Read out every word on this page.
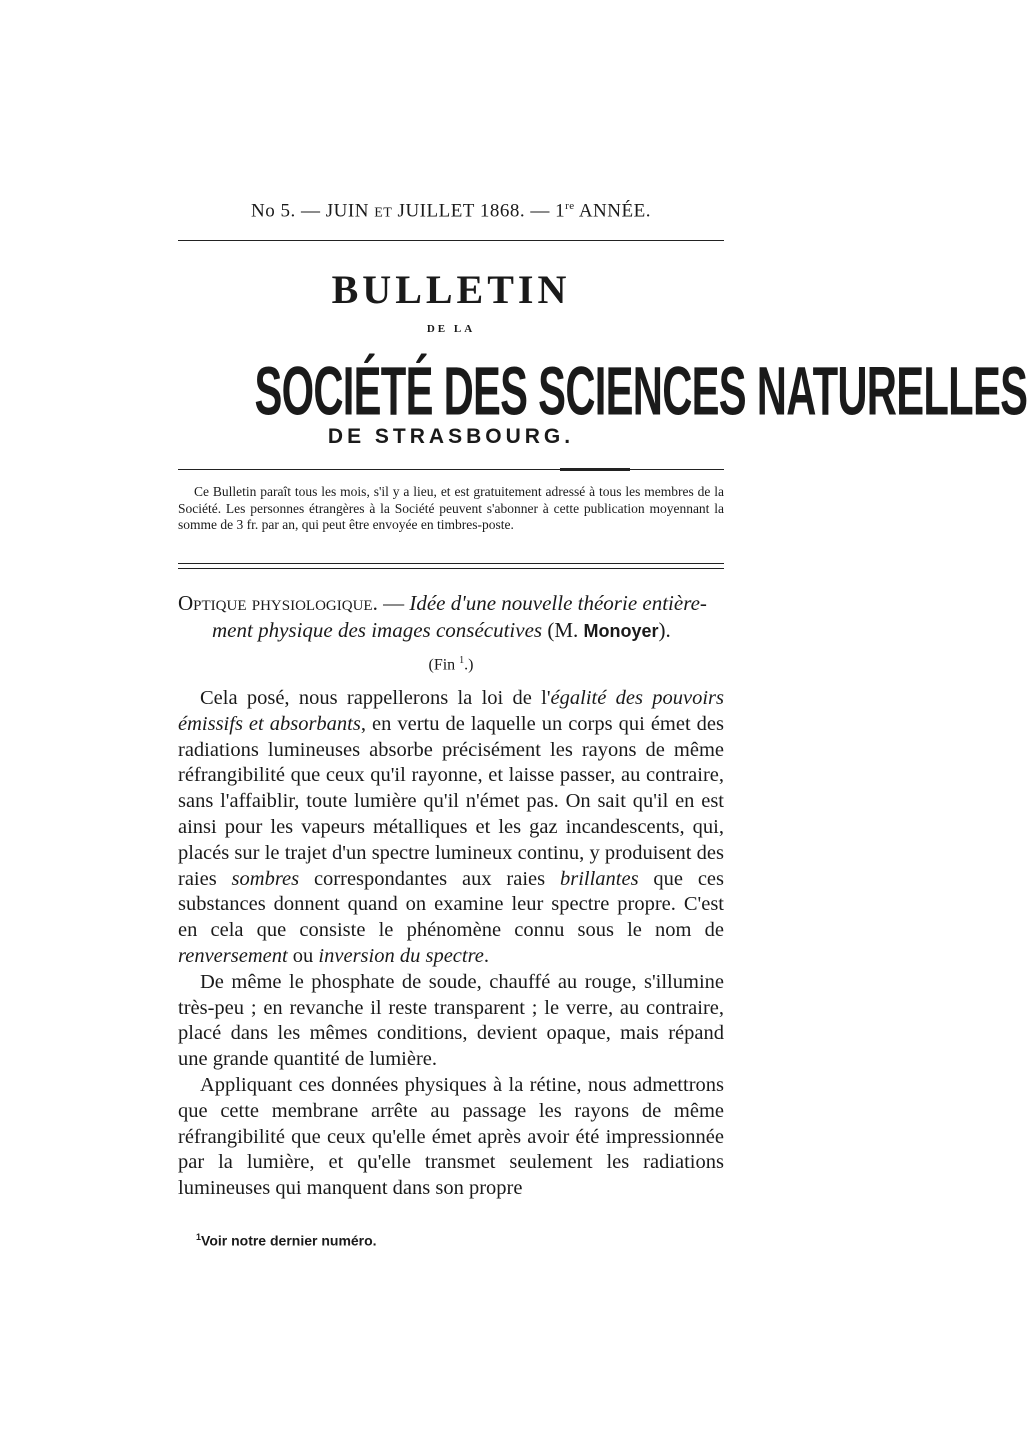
No 5. — JUIN ET JUILLET 1868. — 1re ANNÉE.
BULLETIN
DE LA
SOCIÉTÉ DES SCIENCES NATURELLES
DE STRASBOURG.
Ce Bulletin paraît tous les mois, s'il y a lieu, et est gratuitement adressé à tous les membres de la Société. Les personnes étrangères à la Société peuvent s'abonner à cette publication moyennant la somme de 3 fr. par an, qui peut être envoyée en timbres-poste.
Optique physiologique. — Idée d'une nouvelle théorie entière-
ment physique des images consécutives (M. Monoyer).
(Fin $^1$.)

Cela posé, nous rappellerons la loi de l'égalité des pouvoirs émissifs et absorbants, en vertu de laquelle un corps qui émet des radiations lumineuses absorbe précisément les rayons de même réfrangibilité que ceux qu'il rayonne, et laisse passer, au contraire, sans l'affaiblir, toute lumière qu'il n'émet pas. On sait qu'il en est ainsi pour les vapeurs métalliques et les gaz incandescents, qui, placés sur le trajet d'un spectre lumineux continu, y produisent des raies sombres correspondantes aux raies brillantes que ces substances donnent quand on examine leur spectre propre. C'est en cela que consiste le phénomène connu sous le nom de renversement ou inversion du spectre.

De même le phosphate de soude, chauffé au rouge, s'illumine très-peu ; en revanche il reste transparent ; le verre, au contraire, placé dans les mêmes conditions, devient opaque, mais répand une grande quantité de lumière.

Appliquant ces données physiques à la rétine, nous admettrons que cette membrane arrête au passage les rayons de même réfrangibilité que ceux qu'elle émet après avoir été impressionnée par la lumière, et qu'elle transmet seulement les radiations lumineuses qui manquent dans son propre

$^1$Voir notre dernier numéro.
